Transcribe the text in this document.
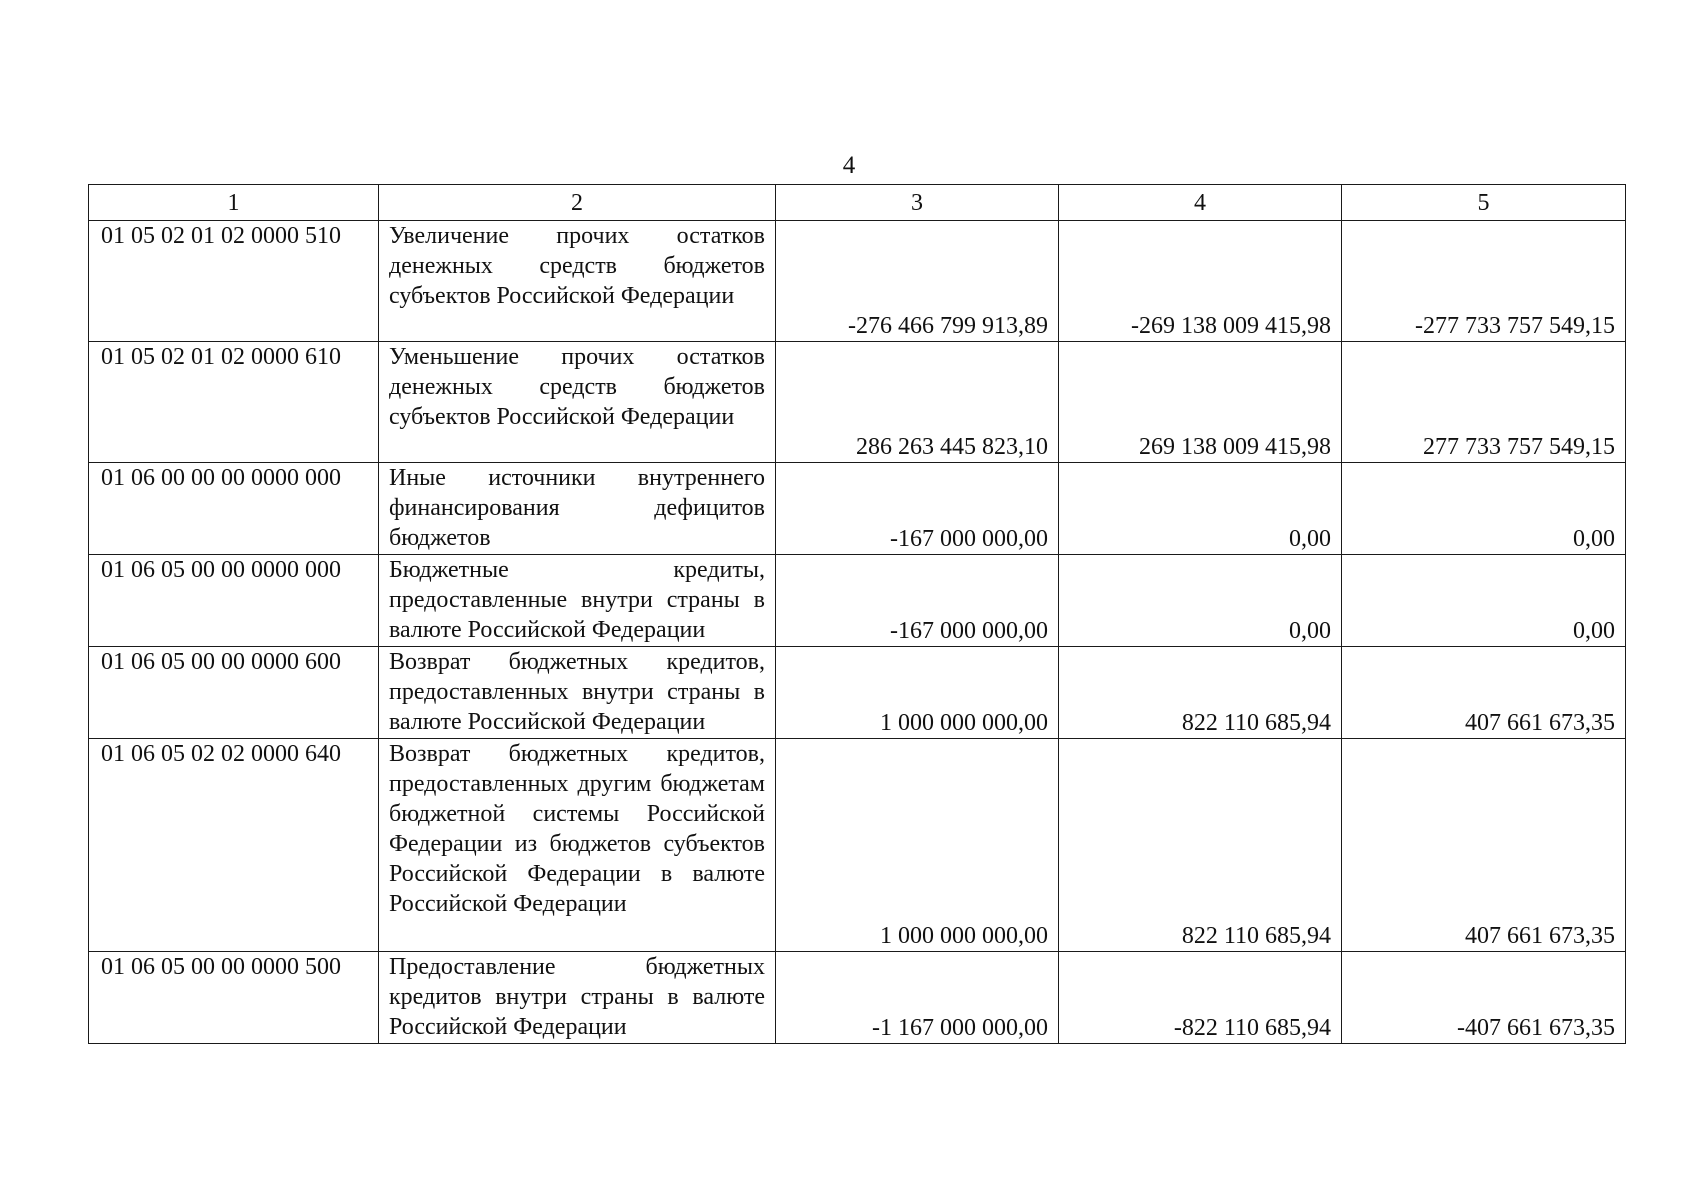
4
1	2	3	4	5
01 05 02 01 02 0000 510	Увеличение прочих остатков денежных средств бюджетов субъектов Российской Федерации	-276 466 799 913,89	-269 138 009 415,98	-277 733 757 549,15
01 05 02 01 02 0000 610	Уменьшение прочих остатков денежных средств бюджетов субъектов Российской Федерации	286 263 445 823,10	269 138 009 415,98	277 733 757 549,15
01 06 00 00 00 0000 000	Иные источники внутреннего финансирования дефицитов бюджетов	-167 000 000,00	0,00	0,00
01 06 05 00 00 0000 000	Бюджетные кредиты, предоставленные внутри страны в валюте Российской Федерации	-167 000 000,00	0,00	0,00
01 06 05 00 00 0000 600	Возврат бюджетных кредитов, предоставленных внутри страны в валюте Российской Федерации	1 000 000 000,00	822 110 685,94	407 661 673,35
01 06 05 02 02 0000 640	Возврат бюджетных кредитов, предоставленных другим бюджетам бюджетной системы Российской Федерации из бюджетов субъектов Российской Федерации в валюте Российской Федерации	1 000 000 000,00	822 110 685,94	407 661 673,35
01 06 05 00 00 0000 500	Предоставление бюджетных кредитов внутри страны в валюте Российской Федерации	-1 167 000 000,00	-822 110 685,94	-407 661 673,35
